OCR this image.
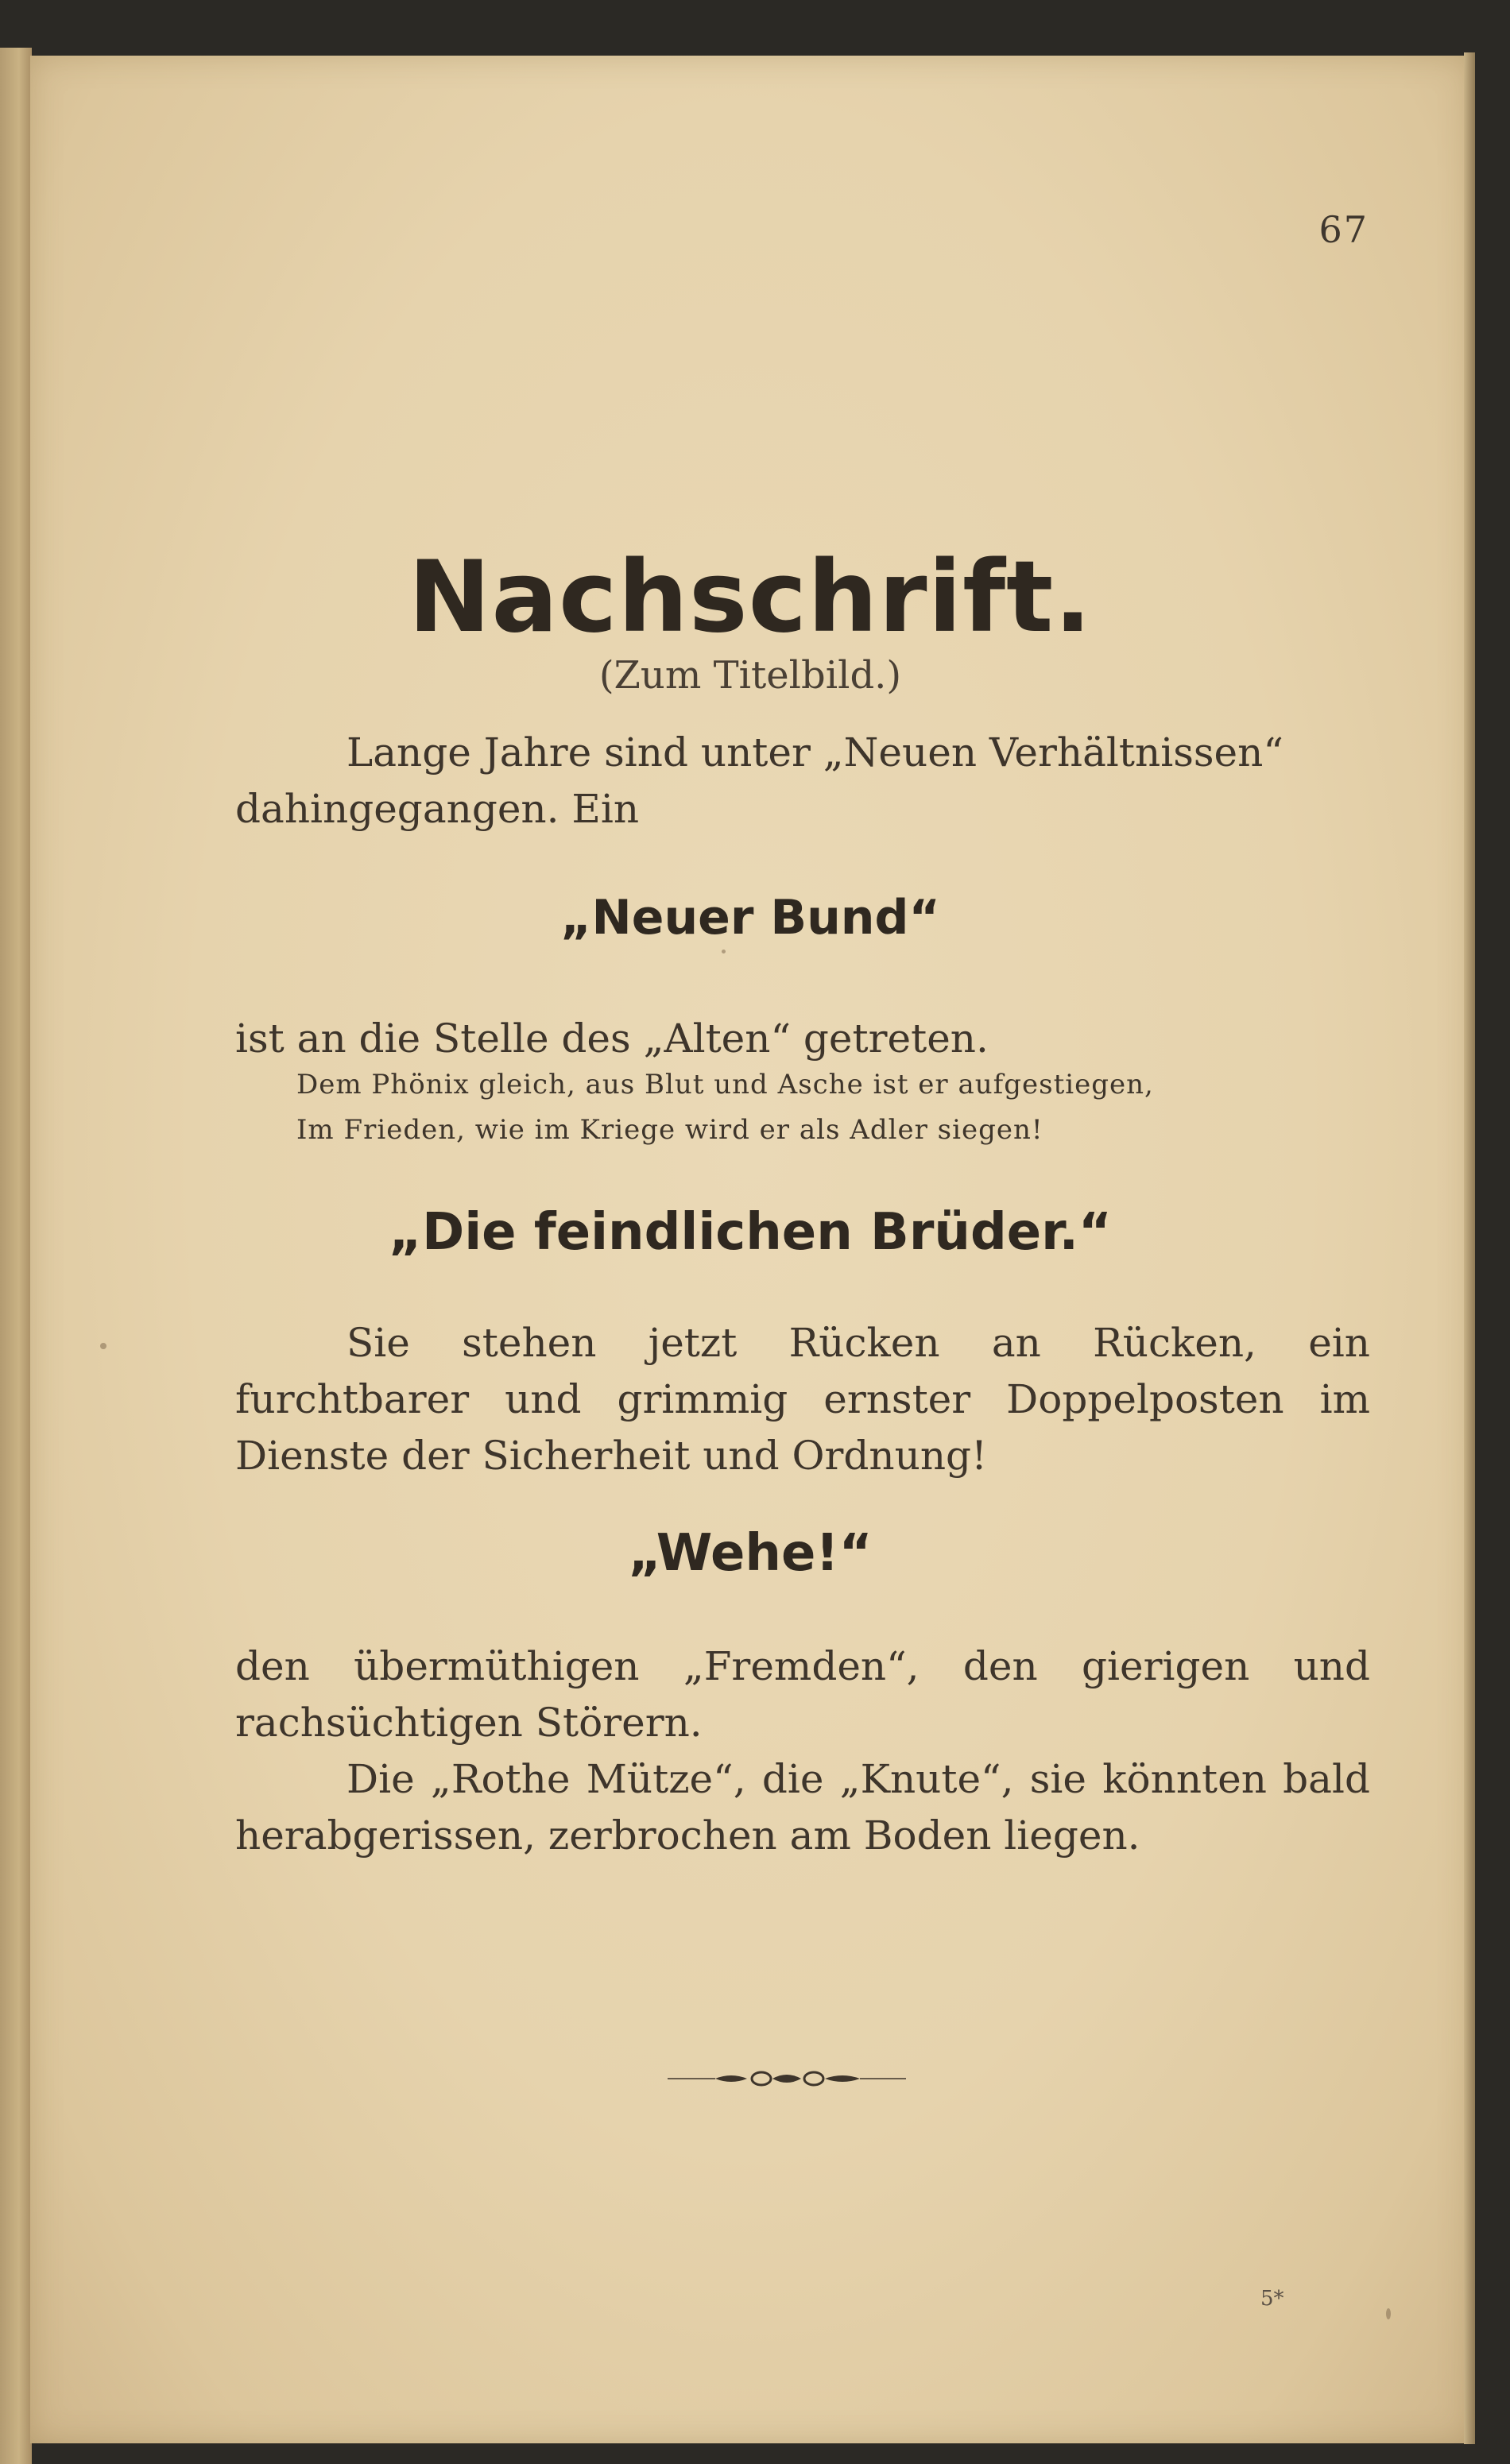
67
Nachschrift.
(Zum Titelbild.)
Lange Jahre sind unter „Neuen Verhältnissen“
dahingegangen. Ein
„Neuer Bund“
ist an die Stelle des „Alten“ getreten.
Dem Phönix gleich, aus Blut und Asche ist er aufgestiegen,
Im Frieden, wie im Kriege wird er als Adler siegen!
„Die feindlichen Brüder.“

Sie stehen jetzt Rücken an Rücken, ein furchtbarer und grimmig ernster Doppelposten im Dienste der Sicherheit und Ordnung!

„Wehe!“

den übermüthigen „Fremden“, den gierigen und rachsüchtigen Störern.

Die „Rothe Mütze“, die „Knute“, sie könnten bald herabgerissen, zerbrochen am Boden liegen.

5*
